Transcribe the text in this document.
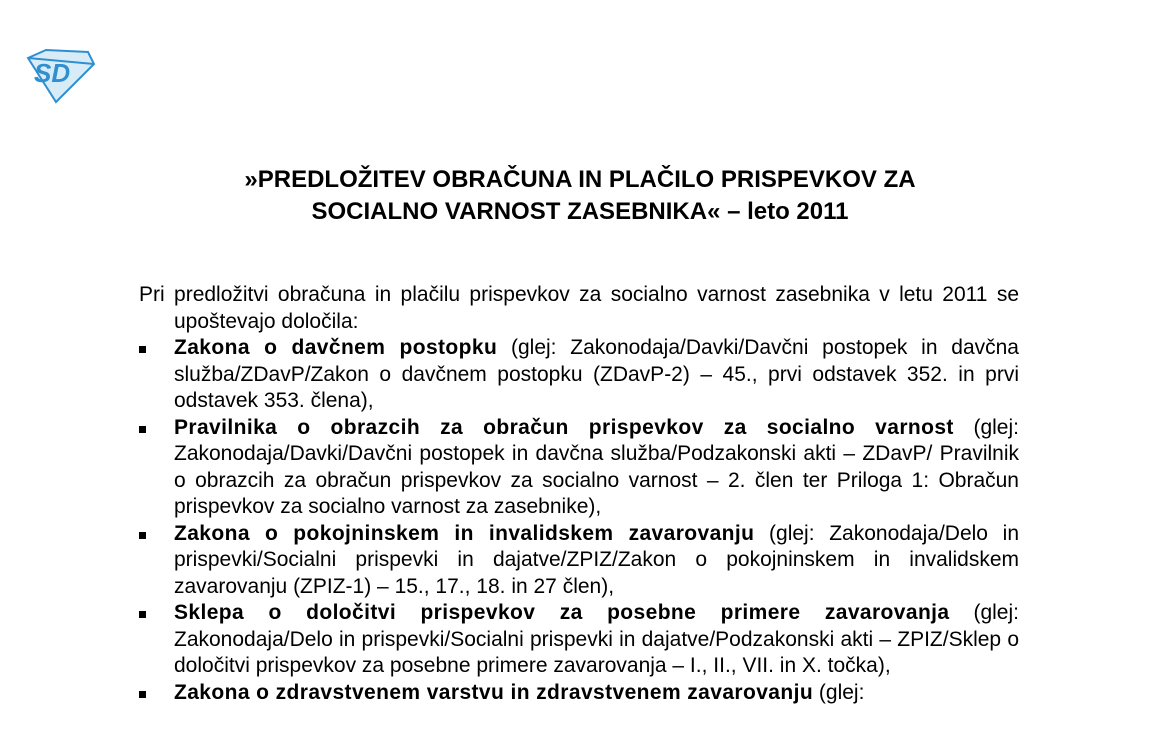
SD
»PREDLOŽITEV OBRAČUNA IN PLAČILO PRISPEVKOV ZA
SOCIALNO VARNOST ZASEBNIKA« – leto 2011

Pri predložitvi obračuna in plačilu prispevkov za socialno varnost zasebnika v letu 2011 se upoštevajo določila:

Zakona o davčnem postopku (glej: Zakonodaja/Davki/Davčni postopek in davčna služba/ZDavP/Zakon o davčnem postopku (ZDavP-2) – 45., prvi odstavek 352. in prvi odstavek 353. člena),
Pravilnika o obrazcih za obračun prispevkov za socialno varnost (glej: Zakonodaja/Davki/Davčni postopek in davčna služba/Podzakonski akti – ZDavP/ Pravilnik o obrazcih za obračun prispevkov za socialno varnost – 2. člen ter Priloga 1: Obračun prispevkov za socialno varnost za zasebnike),
Zakona o pokojninskem in invalidskem zavarovanju (glej: Zakonodaja/Delo in prispevki/Socialni prispevki in dajatve/ZPIZ/Zakon o pokojninskem in invalidskem zavarovanju (ZPIZ-1) – 15., 17., 18. in 27 člen),
Sklepa o določitvi prispevkov za posebne primere zavarovanja (glej: Zakonodaja/Delo in prispevki/Socialni prispevki in dajatve/Podzakonski akti – ZPIZ/Sklep o določitvi prispevkov za posebne primere zavarovanja – I., II., VII. in X. točka),
Zakona o zdravstvenem varstvu in zdravstvenem zavarovanju (glej:
